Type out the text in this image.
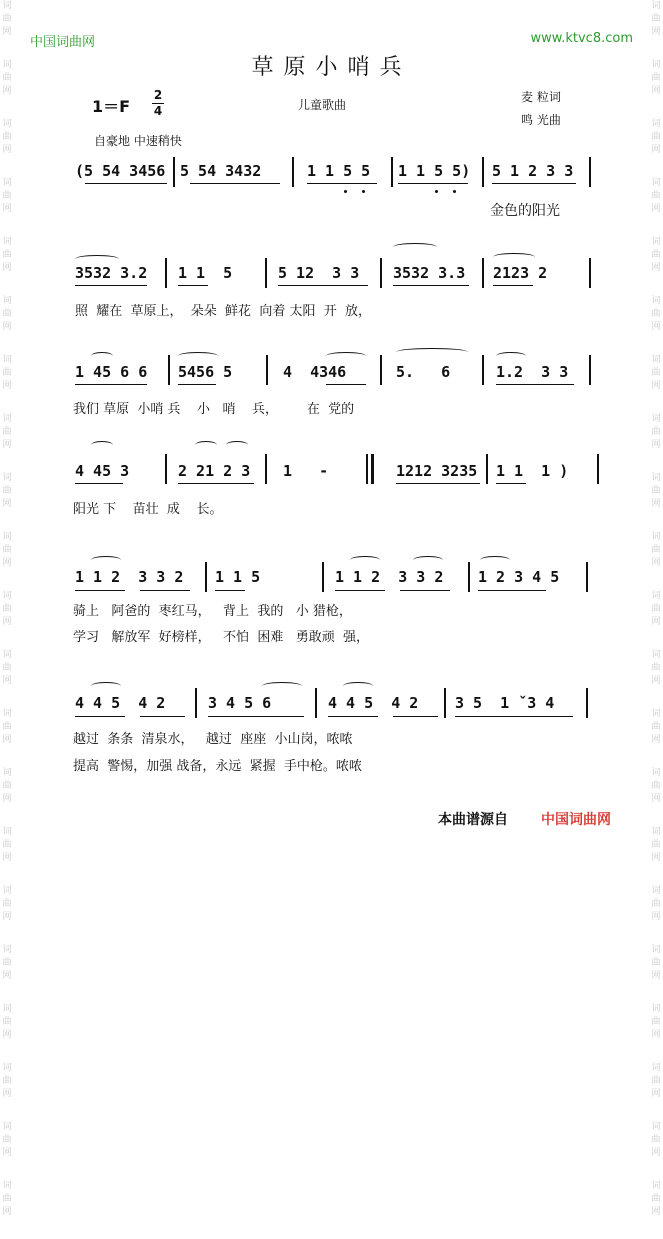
词
曲
网
词
曲
网
词
曲
网
词
曲
网
词
曲
网
词
曲
网
词
曲
网
词
曲
网
词
曲
网
词
曲
网
词
曲
网
词
曲
网
词
曲
网
词
曲
网
词
曲
网
词
曲
网
词
曲
网
词
曲
网
词
曲
网
词
曲
网
词
曲
网
词
曲
网
词
曲
网
词
曲
网
词
曲
网
词
曲
网
词
曲
网
词
曲
网
词
曲
网
词
曲
网
词
曲
网
词
曲
网
词
曲
网
词
曲
网
词
曲
网
词
曲
网
词
曲
网
词
曲
网
词
曲
网
词
曲
网
词
曲
网
词
曲
网
中国词曲网	www.ktvc8.com
草原小哨兵
1＝F
2
4	儿童歌曲
麦 粒词
鸣 光曲
自豪地 中速稍快
(5 54 3456 5 54 3432	1 1 5 5 1 1 5 5) 5 1 2 3 3
金色的阳光
3532 3.2 1 1  5	5 12  3 3 3532 3.3 2123 2
照  耀在  草原上，  朵朵  鲜花  向着 太阳  开  放，
1 45 6 6 5456 5	4  4346	5.   6	1.2  3 3
我们 草原  小哨 兵    小   哨    兵，       在  党的
4 45 3	2 21 2 3 1   -	1212 3235 1 1  1 )
阳光 下    苗壮  成    长。
1 1 2  3 3 2 1 1 5	1 1 2  3 3 2 1 2 3 4 5
骑上   阿爸的  枣红马，   背上  我的   小 猎枪，
学习   解放军  好榜样，   不怕  困难   勇敢顽  强，
4 4 5  4 2	3 4 5 6	4 4 5  4 2 3 5  1 ˇ3 4
越过  条条  清泉水，   越过  座座  小山岗，哝哝
提高  警惕，加强 战备，永远  紧握  手中枪。哝哝
本曲谱源自 中国词曲网
